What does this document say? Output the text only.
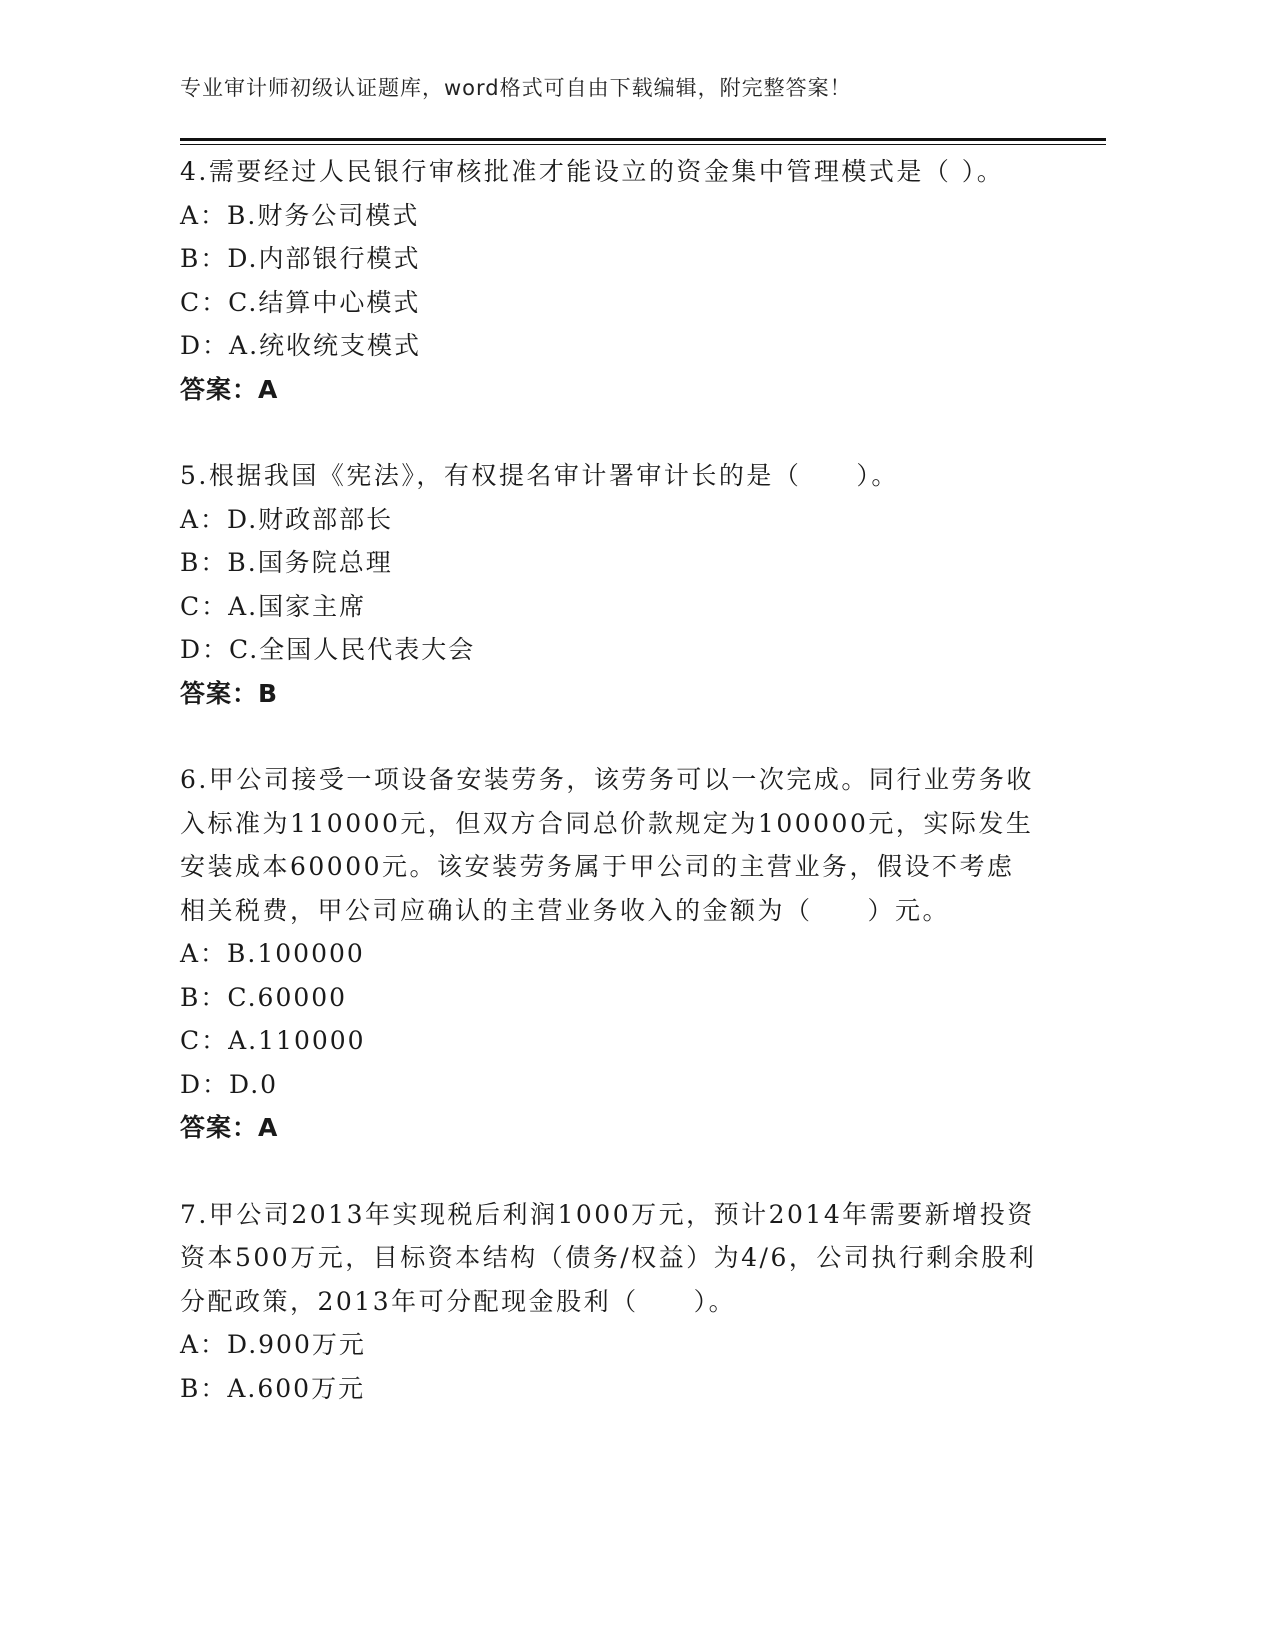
专业审计师初级认证题库，word格式可自由下载编辑，附完整答案！

4.需要经过人民银行审核批准才能设立的资金集中管理模式是（ ）。

A：B.财务公司模式

B：D.内部银行模式

C：C.结算中心模式

D：A.统收统支模式

答案：A

5.根据我国《宪法》，有权提名审计署审计长的是（　　）。

A：D.财政部部长

B：B.国务院总理

C：A.国家主席

D：C.全国人民代表大会

答案：B

6.甲公司接受一项设备安装劳务，该劳务可以一次完成。同行业劳务收入标准为110000元，但双方合同总价款规定为100000元，实际发生安装成本60000元。该安装劳务属于甲公司的主营业务，假设不考虑相关税费，甲公司应确认的主营业务收入的金额为（　　）元。

A：B.100000

B：C.60000

C：A.110000

D：D.0

答案：A

7.甲公司2013年实现税后利润1000万元，预计2014年需要新增投资资本500万元，目标资本结构（债务/权益）为4/6，公司执行剩余股利分配政策，2013年可分配现金股利（　　）。

A：D.900万元

B：A.600万元
